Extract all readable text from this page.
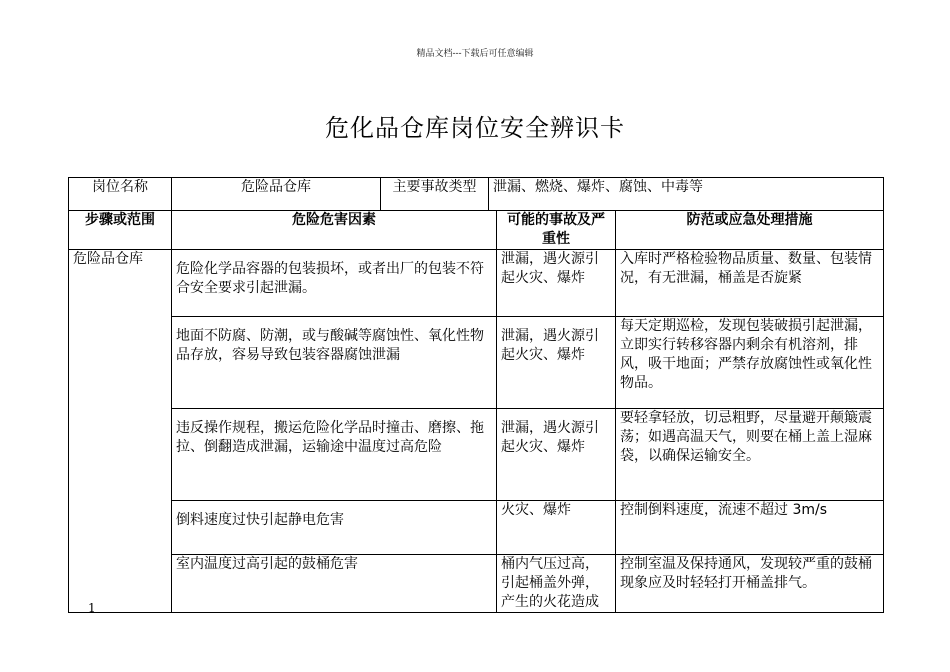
精品文档---下载后可任意编辑
危化品仓库岗位安全辨识卡
岗位名称	危险品仓库	主要事故类型	泄漏、燃烧、爆炸、腐蚀、中毒等		
步骤或范围	危险危害因素			可能的事故及严重性	防范或应急处理措施
危险品仓库	危险化学品容器的包装损坏，或者出厂的包装不符合安全要求引起泄漏。			泄漏，遇火源引起火灾、爆炸	入库时严格检验物品质量、数量、包装情况，有无泄漏，桶盖是否旋紧
	地面不防腐、防潮，或与酸碱等腐蚀性、氧化性物品存放，容易导致包装容器腐蚀泄漏			泄漏，遇火源引起火灾、爆炸	每天定期巡检，发现包装破损引起泄漏，立即实行转移容器内剩余有机溶剂，排风，吸干地面；严禁存放腐蚀性或氧化性物品。
	违反操作规程，搬运危险化学品时撞击、磨擦、拖拉、倒翻造成泄漏，运输途中温度过高危险			泄漏，遇火源引起火灾、爆炸	要轻拿轻放，切忌粗野，尽量避开颠簸震荡；如遇高温天气，则要在桶上盖上湿麻袋，以确保运输安全。
	倒料速度过快引起静电危害			火灾、爆炸	控制倒料速度，流速不超过 3m/s
	室内温度过高引起的鼓桶危害			桶内气压过高，引起桶盖外弹，产生的火花造成	控制室温及保持通风，发现较严重的鼓桶现象应及时轻轻打开桶盖排气。
1
